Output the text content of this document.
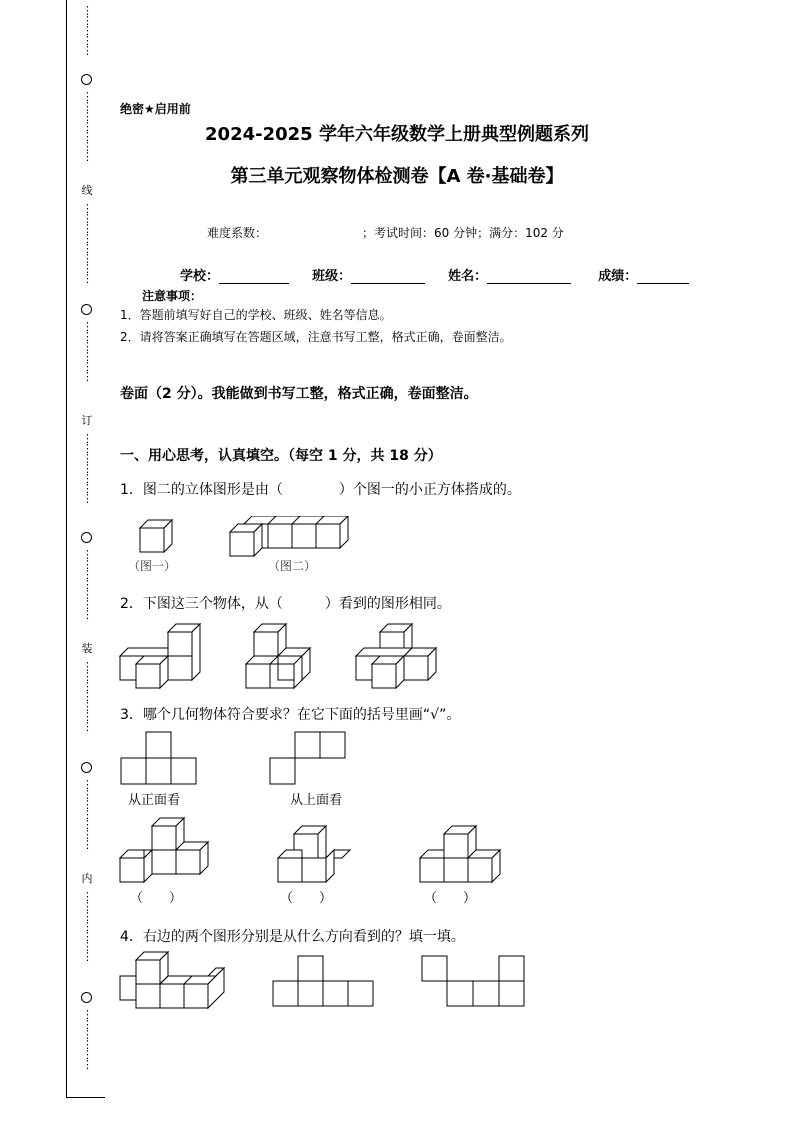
⋮
⋮
⋮
⋮
⋮
⋮
⋮
⋮
⋮
⋮
⋮
⋮
线
⋮
⋮
⋮
⋮
⋮
⋮
⋮
⋮
⋮
⋮
⋮
⋮
⋮
⋮
订
⋮
⋮
⋮
⋮
⋮
⋮
⋮
⋮
⋮
⋮
⋮
⋮
⋮
⋮
装
⋮
⋮
⋮
⋮
⋮
⋮
⋮
⋮
⋮
⋮
⋮
⋮
⋮
⋮
内
⋮
⋮
⋮
⋮
⋮
⋮
⋮
⋮
⋮
⋮
⋮
⋮
⋮
绝密★启用前
2024-2025 学年六年级数学上册典型例题系列
第三单元观察物体检测卷【A 卷·基础卷】
难度系数：	；考试时间：60 分钟；满分：102 分
学校：	班级：	姓名：	成绩：
注意事项：
1．答题前填写好自己的学校、班级、姓名等信息。
2．请将答案正确填写在答题区域，注意书写工整，格式正确，卷面整洁。
卷面（2 分）。我能做到书写工整，格式正确，卷面整洁。
一、用心思考，认真填空。（每空 1 分，共 18 分）
1．图二的立体图形是由（　　　　）个图一的小正方体搭成的。
（图一）	（图二）
2．下图这三个物体，从（　　　）看到的图形相同。
3．哪个几何物体符合要求？在它下面的括号里画“√”。
从正面看	从上面看
（　　）	（　　）	（　　）
4．右边的两个图形分别是从什么方向看到的？填一填。
